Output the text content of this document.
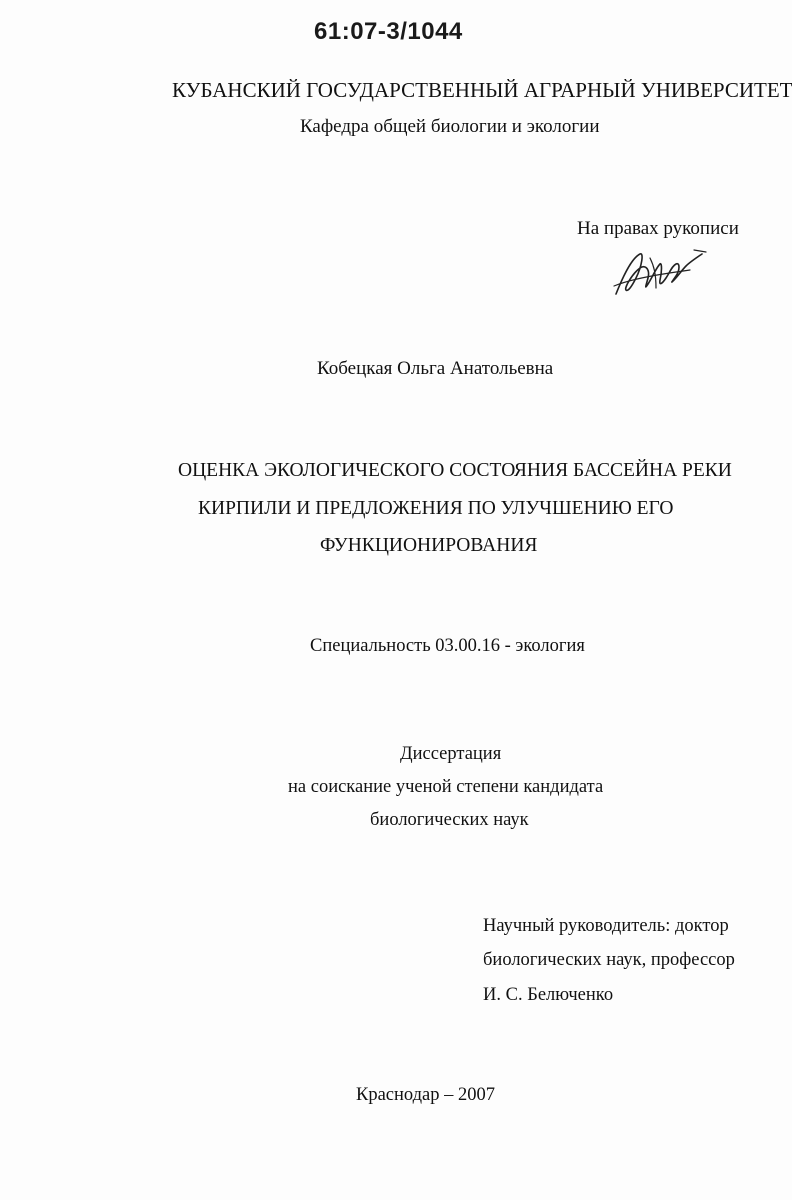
61:07-3/1044
КУБАНСКИЙ ГОСУДАРСТВЕННЫЙ АГРАРНЫЙ УНИВЕРСИТЕТ
Кафедра общей биологии и экологии
На правах рукописи
Кобецкая Ольга Анатольевна
ОЦЕНКА ЭКОЛОГИЧЕСКОГО СОСТОЯНИЯ БАССЕЙНА РЕКИ
КИРПИЛИ И ПРЕДЛОЖЕНИЯ ПО УЛУЧШЕНИЮ ЕГО
ФУНКЦИОНИРОВАНИЯ
Специальность 03.00.16 - экология
Диссертация
на соискание ученой степени кандидата
биологических наук
Научный руководитель: доктор
биологических наук, профессор
И. С. Белюченко
Краснодар – 2007
